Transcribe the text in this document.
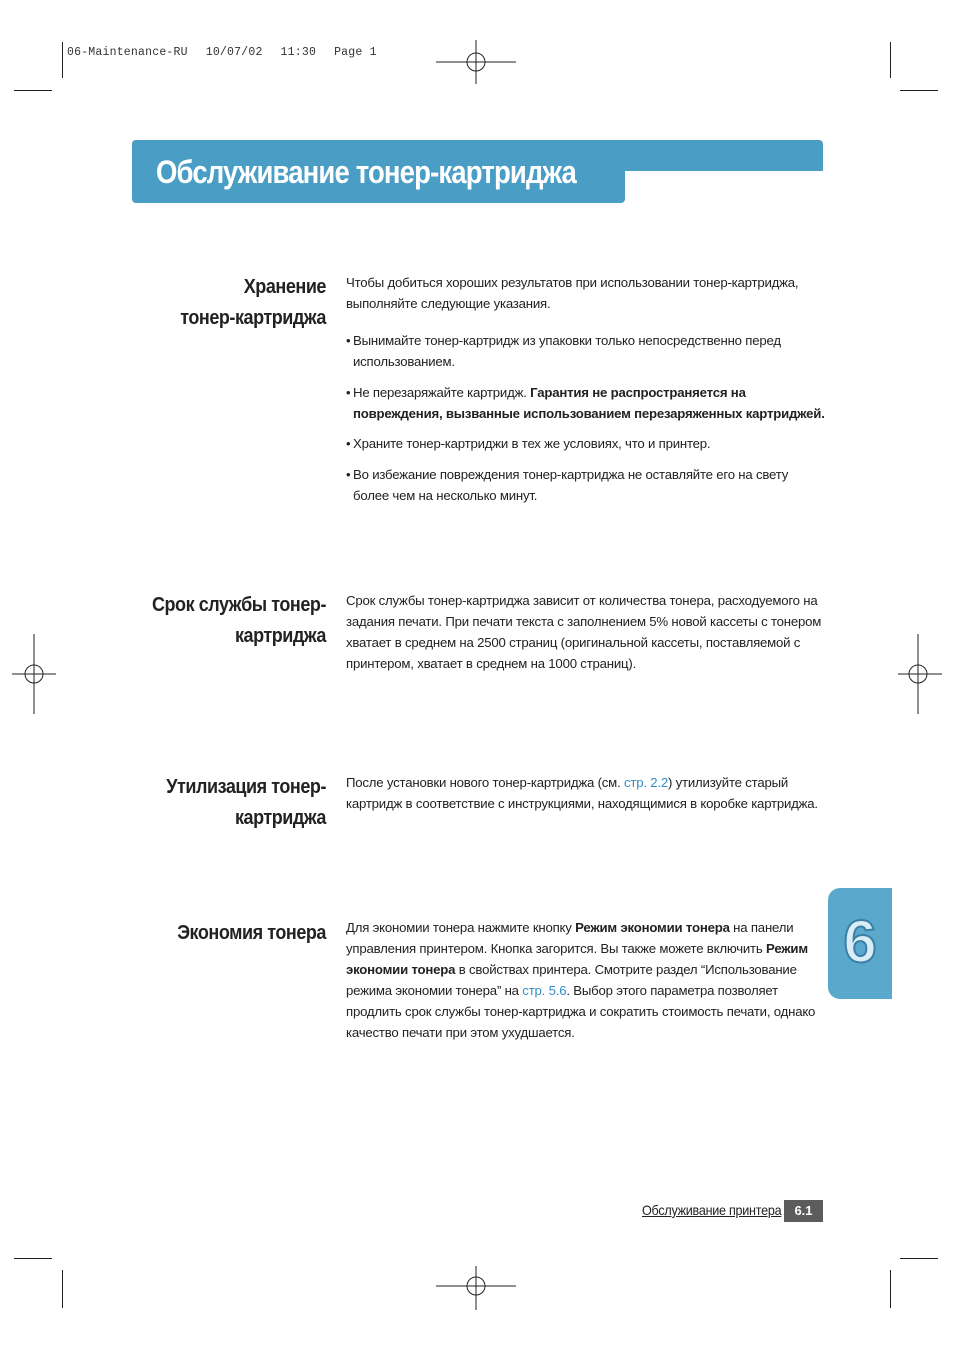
06-Maintenance-RU 10/07/02 11:30 Page 1
Обслуживание тонер-картриджа
Хранение
тонер-картриджа

Чтобы добиться хороших результатов при использовании тонер-картриджа, выполняйте следующие указания.

• Вынимайте тонер-картридж из упаковки только непосредственно перед использованием.

• Не перезаряжайте картридж. Гарантия не распространяется на повреждения, вызванные использованием перезаряженных картриджей.

• Храните тонер-картриджи в тех же условиях, что и принтер.

• Во избежание повреждения тонер-картриджа не оставляйте его на свету более чем на несколько минут.

Срок службы тонер-
картриджа

Срок службы тонер-картриджа зависит от количества тонера, расходуемого на задания печати. При печати текста с заполнением 5% новой кассеты с тонером хватает в среднем на 2500 страниц (оригинальной кассеты, поставляемой с принтером, хватает в среднем на 1000 страниц).

Утилизация тонер-
картриджа

После установки нового тонер-картриджа (см. стр. 2.2) утилизуйте старый картридж в соответствие с инструкциями, находящимися в коробке картриджа.

Экономия тонера Для экономии тонера нажмите кнопку Режим экономии тонера на панели управления принтером. Кнопка загорится. Вы также можете включить Режим экономии тонера в свойствах принтера. Смотрите раздел “Использование режима экономии тонера” на стр. 5.6. Выбор этого параметра позволяет продлить срок службы тонер-картриджа и сократить стоимость печати, однако качество печати при этом ухудшается.

6
Обслуживание принтера	6.1
